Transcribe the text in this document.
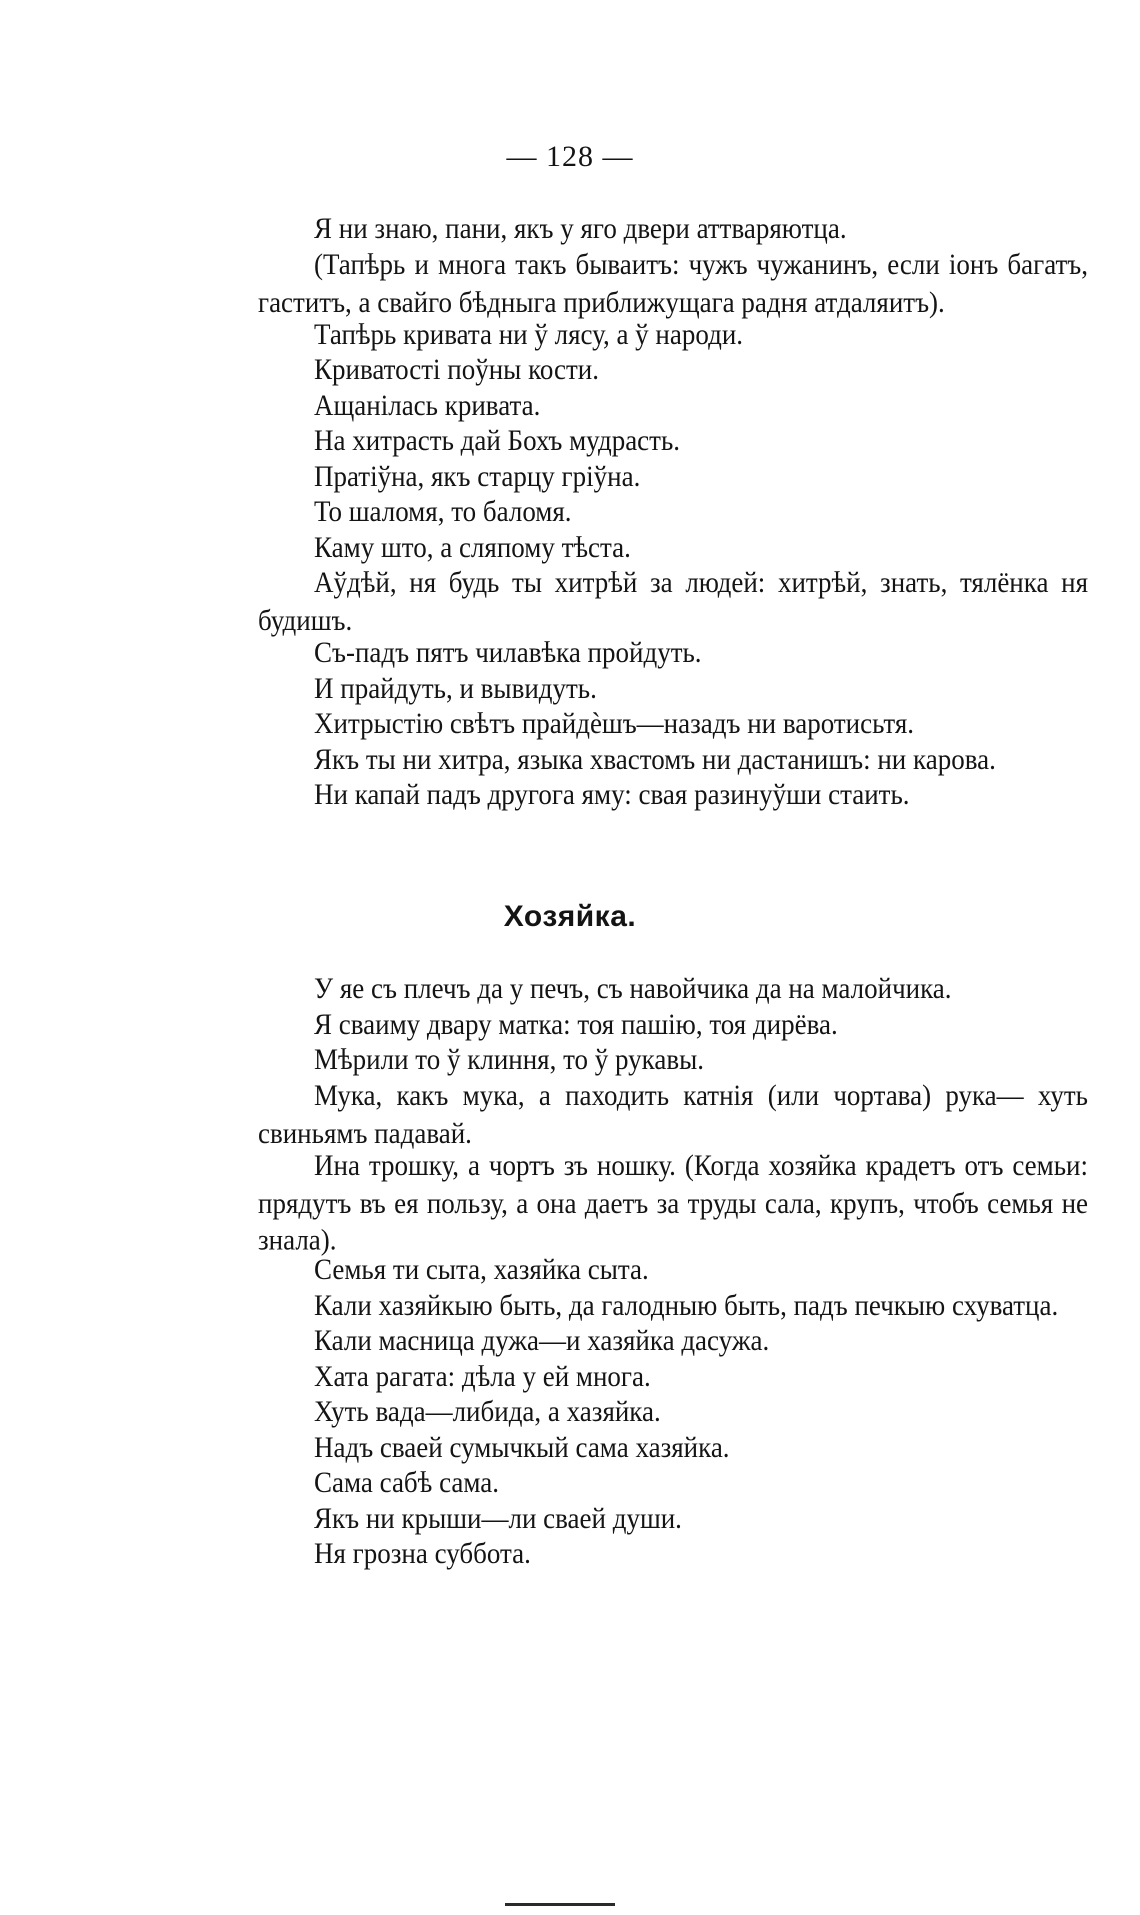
— 128 —

Я ни знаю, пани, якъ у яго двери аттваряютца.

(Тапѣрь и многа такъ бываитъ: чужъ чужанинъ, если іонъ багатъ, гаститъ, а свайго бѣдныга приближущага радня атдаляитъ).

Тапѣрь кривата ни ў лясу, а ў народи.

Криватості поўны кости.

Ащанілась кривата.

На хитрасть дай Бохъ мудрасть.

Пратіўна, якъ старцу гріўна.

То шаломя, то баломя.

Каму што, а сляпому тѣста.

Аўдѣй, ня будь ты хитрѣй за людей: хитрѣй, знать, тялёнка ня будишъ.

Съ-падъ пятъ чилавѣка пройдуть.

И прайдуть, и вывидуть.

Хитрыстію свѣтъ прайдѐшъ—назадъ ни варотисьтя.

Якъ ты ни хитра, языка хвастомъ ни дастанишъ: ни карова.

Ни капай падъ другога яму: свая разинуўши стаить.

Хозяйка.

У яе съ плечъ да у печъ, съ навойчика да на малойчика.

Я сваиму двару матка: тоя пашію, тоя дирёва.

Мѣрили то ў клиння, то ў рукавы.

Мука, какъ мука, а паходить катнія (или чортава) рука— хуть свиньямъ падавай.

Ина трошку, а чортъ зъ ношку. (Когда хозяйка крадетъ отъ семьи: прядутъ въ ея пользу, а она даетъ за труды сала, крупъ, чтобъ семья не знала).

Семья ти сыта, хазяйка сыта.

Кали хазяйкыю быть, да галодныю быть, падъ печкыю схуватца.

Кали масница дужа—и хазяйка дасужа.

Хата рагата: дѣла у ей многа.

Хуть вада—либида, а хазяйка.

Надъ сваей сумычкый сама хазяйка.

Сама сабѣ сама.

Якъ ни крыши—ли сваей души.

Ня грозна суббота.
